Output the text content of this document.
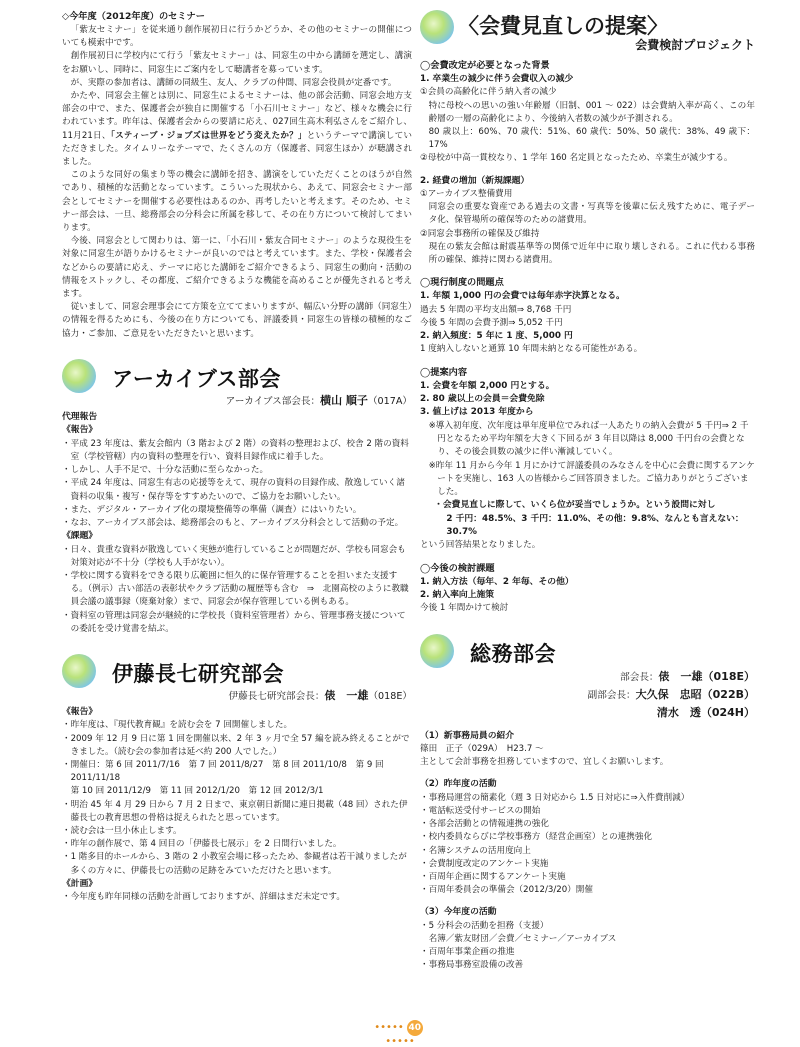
◇今年度（2012年度）のセミナー

「紫友セミナー」を従来通り創作展初日に行うかどうか、その他のセミナーの開催についても模索中です。

創作展初日に学校内にて行う「紫友セミナー」は、同窓生の中から講師を選定し、講演をお願いし、同時に、同窓生にご案内をして聴講者を募っています。

が、実際の参加者は、講師の同級生、友人、クラブの仲間、同窓会役員が定番です。

かたや、同窓会主催とは別に、同窓生によるセミナーは、他の部会活動、同窓会地方支部会の中で、また、保護者会が独自に開催する「小石川セミナー」など、様々な機会に行われています。昨年は、保護者会からの要請に応え、027回生高木利弘さんをご紹介し、11月21日、「スティーブ・ジョブズは世界をどう変えたか？」というテーマで講演していただきました。タイムリーなテーマで、たくさんの方（保護者、同窓生ほか）が聴講されました。

このような同好の集まり等の機会に講師を招き、講演をしていただくことのほうが自然であり、積極的な活動となっています。こういった現状から、あえて、同窓会セミナー部会としてセミナーを開催する必要性はあるのか、再考したいと考えます。そのため、セミナー部会は、一旦、総務部会の分科会に所属を移して、その在り方について検討してまいります。

今後、同窓会として関わりは、第一に、「小石川・紫友合同セミナー」のような現役生を対象に同窓生が語りかけるセミナーが良いのではと考えています。また、学校・保護者会などからの要請に応え、テーマに応じた講師をご紹介できるよう、同窓生の動向・活動の情報をストックし、その都度、ご紹介できるような機能を高めることが優先されると考えます。

従いまして、同窓会理事会にて方策を立ててまいりますが、幅広い分野の講師（同窓生）の情報を得るためにも、今後の在り方についても、評議委員・同窓生の皆様の積極的なご協力・ご参加、ご意見をいただきたいと思います。

アーカイブス部会

アーカイブス部会長：横山 順子（017A）

代理報告

《報告》

・平成 23 年度は、紫友会館内（3 階および 2 階）の資料の整理および、校舎 2 階の資料室（学校管轄）内の資料の整理を行い、資料目録作成に着手した。

・しかし、人手不足で、十分な活動に至らなかった。

・平成 24 年度は、同窓生有志の応援等をえて、現存の資料の目録作成、散逸していく諸資料の収集・複写・保存等をすすめたいので、ご協力をお願いしたい。

・また、デジタル・アーカイブ化の環境整備等の準備（調査）にはいりたい。

・なお、アーカイブス部会は、総務部会のもと、アーカイブス分科会として活動の予定。

《課題》

・日々、貴重な資料が散逸していく実態が進行していることが問題だが、学校も同窓会も対策対応が不十分（学校も人手がない）。

・学校に関する資料をできる限り広範囲に恒久的に保存管理することを担いまた支援する。（例示）古い部活の表彰状やクラブ活動の履歴等も含む　⇒　北園高校のように教職員会議の議事録（廃棄対象）まで、同窓会が保存管理している例もある。

・資料室の管理は同窓会が継続的に学校長（資料室管理者）から、管理事務支援についての委託を受け覚書を結ぶ。

伊藤長七研究部会

伊藤長七研究部会長：俵　一雄（018E）

《報告》

・昨年度は、『現代教育観』を読む会を 7 回開催しました。

・2009 年 12 月 9 日に第 1 回を開催以来、2 年 3 ヶ月で全 57 編を読み終えることができました。（読む会の参加者は延べ約 200 人でした。）

・開催日：第 6 回 2011/7/16　第 7 回 2011/8/27　第 8 回 2011/10/8　第 9 回 2011/11/18

第 10 回 2011/12/9　第 11 回 2012/1/20　第 12 回 2012/3/1

・明治 45 年 4 月 29 日から 7 月 2 日まで、東京朝日新聞に連日掲載（48 回）された伊藤長七の教育思想の骨格は捉えられたと思っています。

・読む会は一旦小休止します。

・昨年の創作展で、第 4 回目の「伊藤長七展示」を 2 日間行いました。

・1 階多目的ホールから、3 階の 2 小教室会場に移ったため、参観者は若干減りましたが多くの方々に、伊藤長七の活動の足跡をみていただけたと思います。

《計画》

・今年度も昨年同様の活動を計画しておりますが、詳細はまだ未定です。

〈会費見直しの提案〉
会費検討プロジェクト

◯会費改定が必要となった背景

1. 卒業生の減少に伴う会費収入の減少

①会員の高齢化に伴う納入者の減少

特に母校への思いの強い年齢層（旧制、001 ～ 022）は会費納入率が高く、この年齢層の一層の高齢化により、今後納入者数の減少が予測される。

80 歳以上：60%、70 歳代：51%、60 歳代：50%、50 歳代：38%、49 歳下：17%

②母校が中高一貫校なり、1 学年 160 名定員となったため、卒業生が減少する。

2. 経費の増加（新規課題）

①アーカイブス整備費用

同窓会の重要な資産である過去の文書・写真等を後輩に伝え残すために、電子データ化、保管場所の確保等のための諸費用。

②同窓会事務所の確保及び維持

現在の紫友会館は耐震基準等の関係で近年中に取り壊しされる。これに代わる事務所の確保、維持に関わる諸費用。

◯現行制度の問題点

1. 年額 1,000 円の会費では毎年赤字決算となる。

過去 5 年間の平均支出額⇒ 8,768 千円

今後 5 年間の会費予測⇒ 5,052 千円

2. 納入頻度：5 年に 1 度、5,000 円

1 度納入しないと通算 10 年間未納となる可能性がある。

◯提案内容

1. 会費を年額 2,000 円とする。

2. 80 歳以上の会員＝会費免除

3. 値上げは 2013 年度から

※導入初年度、次年度は単年度単位でみれば一人あたりの納入会費が 5 千円⇒ 2 千円となるため平均年額を大きく下回るが 3 年目以降は 8,000 千円台の会費となり、その後会員数の減少に伴い漸減していく。

※昨年 11 月から今年 1 月にかけて評議委員のみなさんを中心に会費に関するアンケートを実施し、163 人の皆様からご回答頂きました。ご協力ありがとうございました。

・会費見直しに際して、いくら位が妥当でしょうか。という設問に対し

2 千円：48.5%、3 千円：11.0%、その他：9.8%、なんとも言えない：30.7%

という回答結果となりました。

◯今後の検討課題

1. 納入方法（毎年、2 年毎、その他）

2. 納入率向上施策

今後 1 年間かけて検討

総務部会

部会長：俵　一雄（018E）

副部会長：大久保　忠昭（022B）

清水　透（024H）

（1）新事務局員の紹介

篠田　正子（029A）　H23.7 ～

主として会計事務を担務していますので、宜しくお願いします。

（2）昨年度の活動

・事務局運営の簡素化（週 3 日対応から 1.5 日対応に⇒入件費削減）

・電話転送受付サービスの開始

・各部会活動との情報連携の強化

・校内委員ならびに学校事務方（経営企画室）との連携強化

・名簿システムの活用度向上

・会費制度改定のアンケート実施

・百周年企画に関するアンケート実施

・百周年委員会の準備会（2012/3/20）開催

（3）今年度の活動

・5 分科会の活動を担務（支援）

名簿／紫友財団／会費／セミナー／アーカイブス

・百周年事業企画の推進

・事務局事務室設備の改善

••••• 40•••••
